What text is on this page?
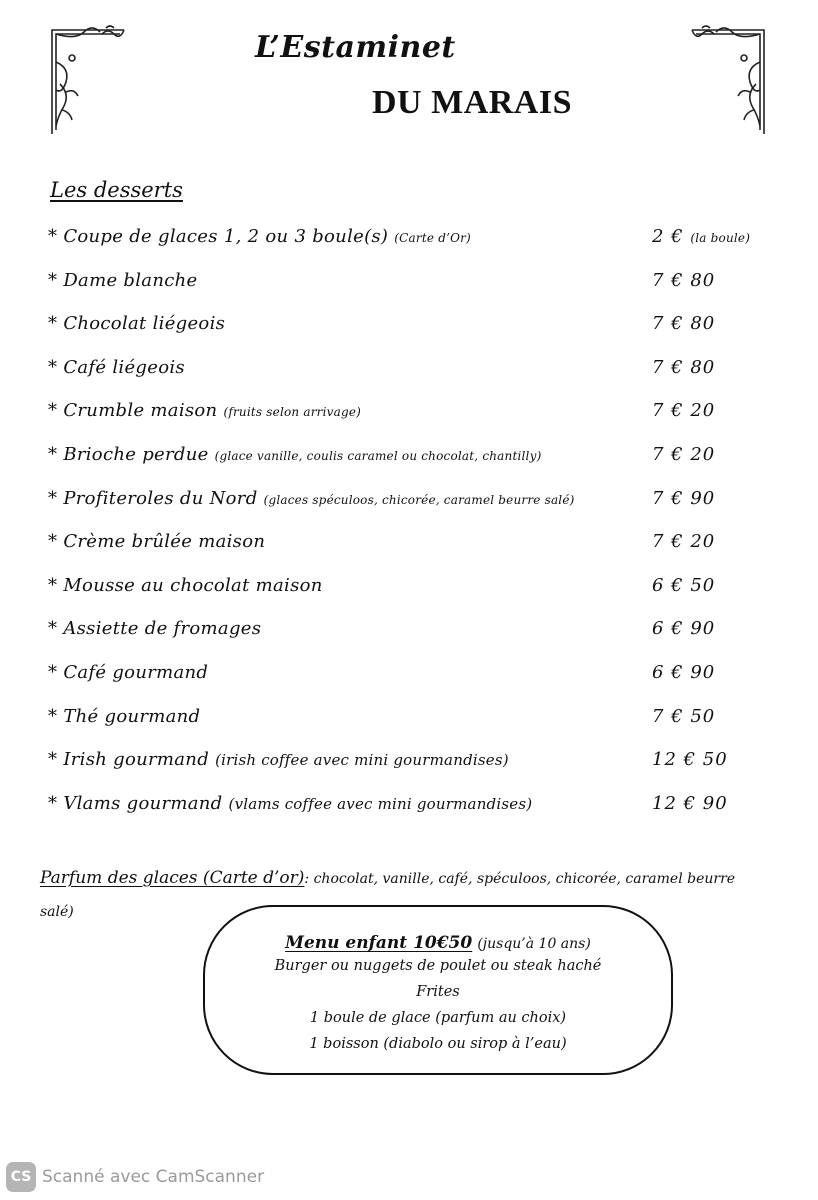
L’Estaminet
DU MARAIS
Les desserts
* Coupe de glaces 1, 2 ou 3 boule(s) (Carte d’Or)	2 € (la boule)
* Dame blanche	7 € 80
* Chocolat liégeois	7 € 80
* Café liégeois	7 € 80
* Crumble maison (fruits selon arrivage)	7 € 20
* Brioche perdue (glace vanille, coulis caramel ou chocolat, chantilly)	7 € 20
* Profiteroles du Nord (glaces spéculoos, chicorée, caramel beurre salé)	7 € 90
* Crème brûlée maison	7 € 20
* Mousse au chocolat maison	6 € 50
* Assiette de fromages	6 € 90
* Café gourmand	6 € 90
* Thé gourmand	7 € 50
* Irish gourmand (irish coffee avec mini gourmandises)	12 € 50
* Vlams gourmand (vlams coffee avec mini gourmandises)	12 € 90
Parfum des glaces (Carte d’or): chocolat, vanille, café, spéculoos, chicorée, caramel beurre salé)
Menu enfant 10€50 (jusqu’à 10 ans)
Burger ou nuggets de poulet ou steak haché
Frites
1 boule de glace (parfum au choix)
1 boisson (diabolo ou sirop à l’eau)
CS Scanné avec CamScanner
